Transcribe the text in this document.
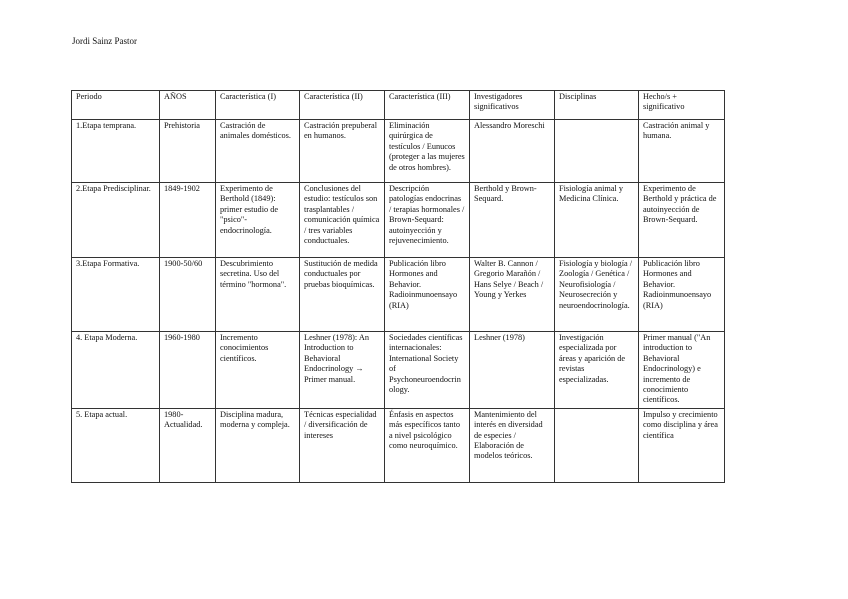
Jordi Sainz Pastor
Periodo	AÑOS	Característica (I)	Característica (II)	Característica (III)	Investigadores significativos	Disciplinas	Hecho/s + significativo
1.Etapa temprana.	Prehistoria	Castración de animales domésticos.	Castración prepuberal en humanos.	Eliminación quirúrgica de testículos / Eunucos (proteger a las mujeres de otros hombres).	Alessandro Moreschi		Castración animal y humana.
2.Etapa Predisciplinar.	1849-1902	Experimento de Berthold (1849): primer estudio de "psico"-endocrinología.	Conclusiones del estudio: testículos son trasplantables / comunicación química / tres variables conductuales.	Descripción patologías endocrinas / terapias hormonales / Brown-Sequard: autoinyección y rejuvenecimiento.	Berthold y Brown-Sequard.	Fisiología animal y Medicina Clínica.	Experimento de Berthold y práctica de autoinyección de Brown-Sequard.
3.Etapa Formativa.	1900-50/60	Descubrimiento secretina. Uso del término "hormona".	Sustitución de medida conductuales por pruebas bioquímicas.	Publicación libro Hormones and Behavior. Radioinmunoensayo (RIA)	Walter B. Cannon / Gregorio Marañón / Hans Selye / Beach / Young y Yerkes	Fisiología y biología / Zoología / Genética / Neurofisiología / Neurosecreción y neuroendocrinología.	Publicación libro Hormones and Behavior. Radioinmunoensayo (RIA)
4. Etapa Moderna.	1960-1980	Incremento conocimientos científicos.	Leshner (1978): An Introduction to Behavioral Endocrinology → Primer manual.	Sociedades científicas internacionales: International Society of Psychoneuroendocrinology.	Leshner (1978)	Investigación especializada por áreas y aparición de revistas especializadas.	Primer manual ("An introduction to Behavioral Endocrinology) e incremento de conocimiento científicos.
5. Etapa actual.	1980-Actualidad.	Disciplina madura, moderna y compleja.	Técnicas especialidad / diversificación de intereses	Énfasis en aspectos más específicos tanto a nivel psicológico como neuroquímico.	Mantenimiento del interés en diversidad de especies / Elaboración de modelos teóricos.		Impulso y crecimiento como disciplina y área científica
